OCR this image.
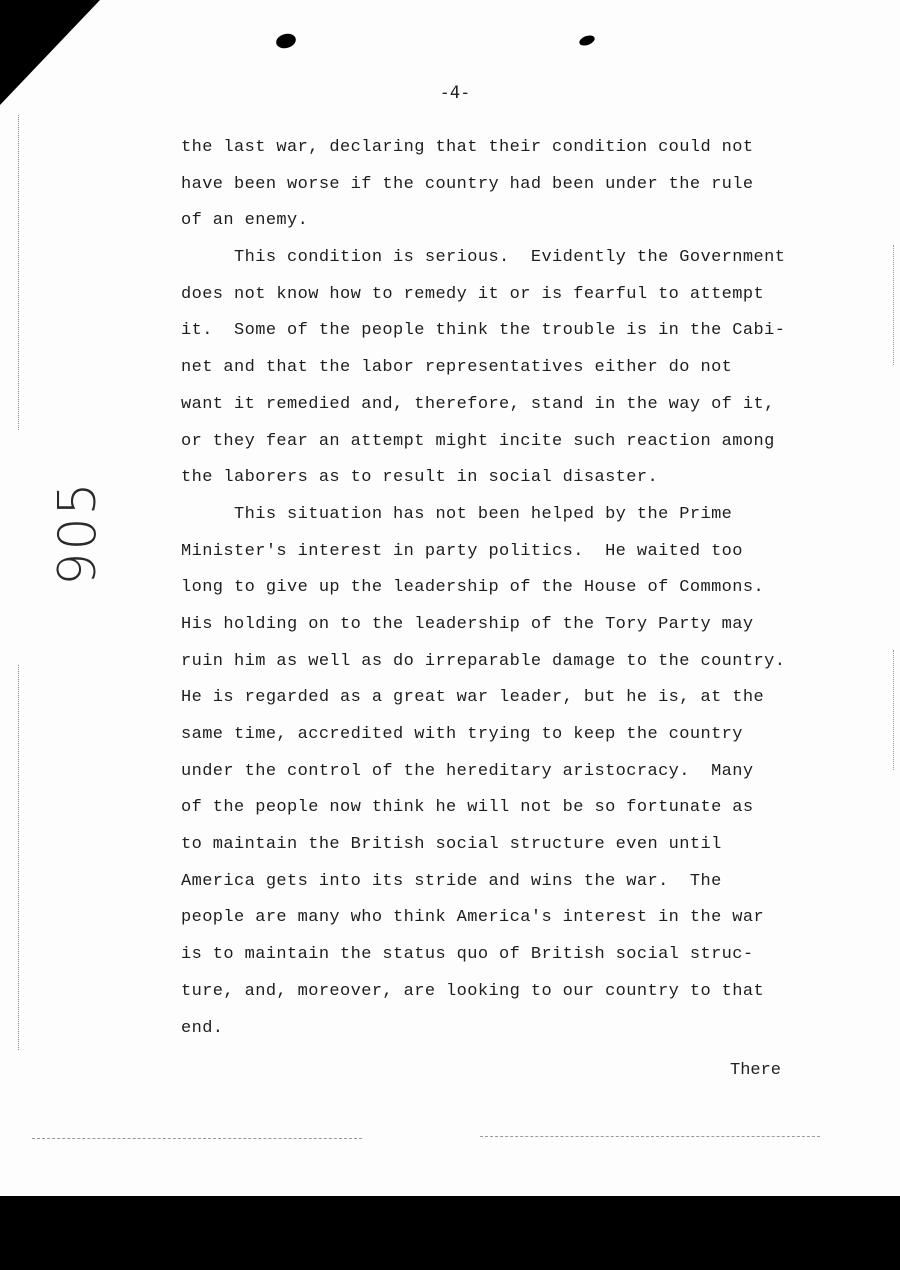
-4-
905
the last war, declaring that their condition could not
have been worse if the country had been under the rule
of an enemy.
This condition is serious.  Evidently the Government
does not know how to remedy it or is fearful to attempt
it.  Some of the people think the trouble is in the Cabi-
net and that the labor representatives either do not
want it remedied and, therefore, stand in the way of it,
or they fear an attempt might incite such reaction among
the laborers as to result in social disaster.
This situation has not been helped by the Prime
Minister's interest in party politics.  He waited too
long to give up the leadership of the House of Commons.
His holding on to the leadership of the Tory Party may
ruin him as well as do irreparable damage to the country.
He is regarded as a great war leader, but he is, at the
same time, accredited with trying to keep the country
under the control of the hereditary aristocracy.  Many
of the people now think he will not be so fortunate as
to maintain the British social structure even until
America gets into its stride and wins the war.  The
people are many who think America's interest in the war
is to maintain the status quo of British social struc-
ture, and, moreover, are looking to our country to that
end.
There
